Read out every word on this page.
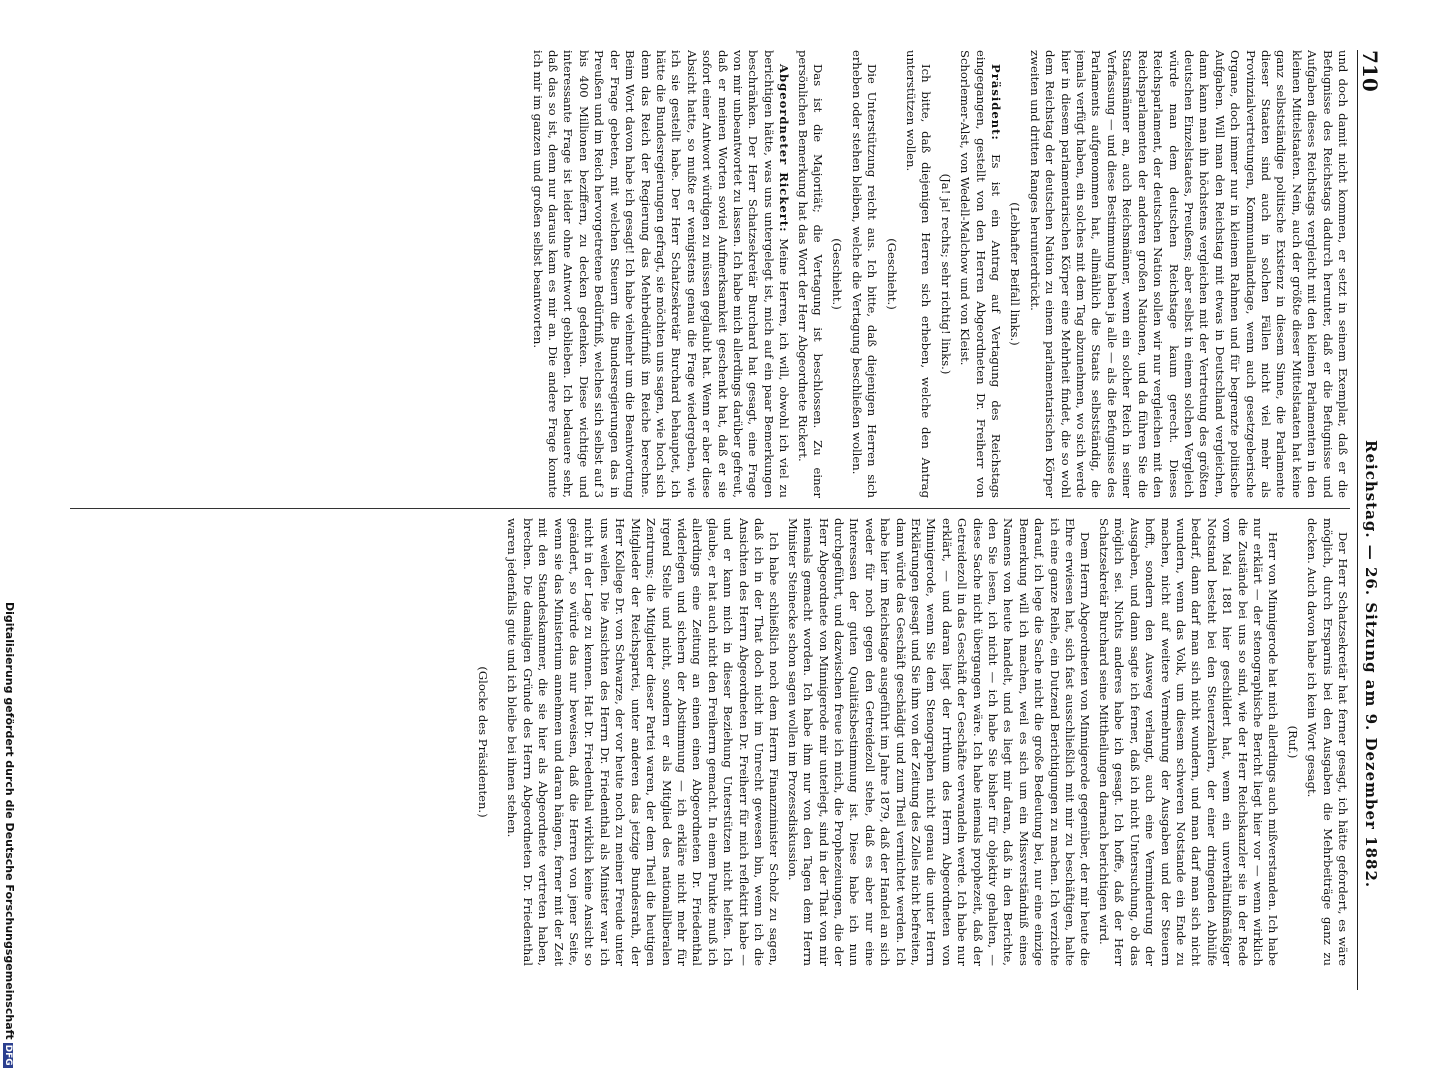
710
Reichstag. — 26. Sitzung am 9. Dezember 1882.

und doch damit nicht kommen, er setzt in seinem Exemplar, daß er die Befugnisse des Reichstags dadurch herunter, daß er die Befugnisse und Aufgaben dieses Reichstags vergleicht mit den kleinen Parlamenten in den kleinen Mittelstaaten. Nein, auch der größte dieser Mittelstaaten hat keine ganz selbstständige politische Existenz in diesem Sinne, die Parlamente dieser Staaten sind auch in solchen Fällen nicht viel mehr als Provinzialvertretungen, Kommunallandtage, wenn auch gesetzgeberische Organe, doch immer nur in kleinem Rahmen und für begrenzte politische Aufgaben. Will man den Reichstag mit etwas in Deutschland vergleichen, dann kann man ihn höchstens vergleichen mit der Vertretung des größten deutschen Einzelstaates, Preußens; aber selbst in einem solchen Vergleich würde man dem deutschen Reichstage kaum gerecht. Dieses Reichsparlament, der deutschen Nation sollen wir nur vergleichen mit den Reichsparlamenten der anderen großen Nationen, und da führen Sie die Staatsmänner an, auch Reichsmänner, wenn ein solcher Reich in seiner Verfassung — und diese Bestimmung haben ja alle — als die Befugnisse des Parlaments aufgenommen hat, allmählich die Staats selbstständig, die jemals verfügt haben, ein solches mit dem Tag abzunehmen, wo sich werde hier in diesem parlamentarischen Körper eine Mehrheit findet, die so wohl dem Reichstag der deutschen Nation zu einem parlamentarischen Körper zweiten und dritten Ranges herunterdrückt.

(Lebhafter Beifall links.)

Präsident: Es ist ein Antrag auf Vertagung des Reichstags eingegangen, gestellt von den Herren Abgeordneten Dr. Freiherr von Schorlemer-Alst, von Wedell-Malchow und von Kleist.

(Ja! ja! rechts; sehr richtig! links.)

Ich bitte, daß diejenigen Herren sich erheben, welche den Antrag unterstützen wollen.

(Geschieht.)

Die Unterstützung reicht aus. Ich bitte, daß diejenigen Herren sich erheben oder stehen bleiben, welche die Vertagung beschließen wollen.

(Geschieht.)

Das ist die Majorität; die Vertagung ist beschlossen. Zu einer persönlichen Bemerkung hat das Wort der Herr Abgeordnete Rickert.

Abgeordneter Rickert: Meine Herren, ich will, obwohl ich viel zu berichtigen hätte, was uns untergelegt ist, mich auf ein paar Bemerkungen beschränken. Der Herr Schatzsekretär Burchard hat gesagt, eine Frage von mir unbeantwortet zu lassen. Ich habe mich allerdings darüber gefreut, daß er meinen Worten soviel Aufmerksamkeit geschenkt hat, daß er sie sofort einer Antwort würdigen zu müssen geglaubt hat. Wenn er aber diese Absicht hatte, so mußte er wenigstens genau die Frage wiedergeben, wie ich sie gestellt habe. Der Herr Schatzsekretär Burchard behauptet, ich hätte die Bundesregierungen gefragt, sie möchten uns sagen, wie hoch sich denn das Reich der Regierung das Mehrbedürfniß im Reiche berechne. Beim Wort davon habe ich gesagt! Ich habe vielmehr um die Beantwortung der Frage gebeten, mit welchen Steuern die Bundesregierungen das in Preußen und im Reich hervorgetretene Bedürfniß, welches sich selbst auf 3 bis 400 Millionen beziffern, zu decken gedenken. Diese wichtige und interessante Frage ist leider ohne Antwort geblieben. Ich bedauere sehr, daß das so ist, denn nur daraus kam es mir an. Die andere Frage konnte ich mir im ganzen und großen selbst beantworten.

Der Herr Schatzsekretär hat ferner gesagt, ich hätte gefordert, es wäre möglich, durch Ersparnis bei den Ausgaben die Mehrbeiträge ganz zu decken. Auch davon habe ich kein Wort gesagt.

(Ruf.)

Herr von Minnigerode hat mich allerdings auch mißverstanden. Ich habe nur erklärt — der stenographische Bericht liegt hier vor — wenn wirklich die Zustände bei uns so sind, wie der Herr Reichskanzler sie in der Rede vom Mai 1881 hier geschildert hat, wenn ein unverhältnißmäßiger Notstand besteht bei den Steuerzahlern, der einer dringenden Abhülfe bedarf, dann darf man sich nicht wundern, und man darf man sich nicht wundern, wenn das Volk, um diesem schweren Notstande ein Ende zu machen, nicht auf weitere Vermehrung der Ausgaben und der Steuern hofft, sondern den Ausweg verlangt, auch eine Verminderung der Ausgaben, und dann sagte ich ferner, daß ich nicht Untersuchung, ob das möglich sei. Nichts anderes habe ich gesagt. Ich hoffe, daß der Herr Schatzsekretär Burchard seine Mittheilungen darnach berichtigen wird.

Dem Herrn Abgeordneten von Minnigerode gegenüber, der mir heute die Ehre erwiesen hat, sich fast ausschließlich mit mir zu beschäftigen, halte ich eine ganze Reihe, ein Dutzend Berichtigungen zu machen. Ich verzichte darauf, ich lege die Sache nicht die große Bedeutung bei, nur eine einzige Bemerkung will ich machen, weil es sich um ein Missverständniß eines Namens von heute handelt, und es liegt mir daran, daß in den Berichte, den Sie lesen, ich nicht — ich habe Sie bisher für objektiv gehalten, — diese Sache nicht übergangen wäre. Ich habe niemals prophezeit, daß der Getreidezoll in das Geschäft der Geschäfte verwandeln werde. Ich habe nur erklärt, — und daran liegt der Irrthum des Herrn Abgeordneten von Minnigerode, wenn Sie dem Stenographen nicht genau die unter Herrn Erklärungen gesagt und Sie ihm von der Zeitung des Zolles nicht befreiten, dann würde das Geschäft geschädigt und zum Theil vernichtet werden. Ich habe hier im Reichstage ausgeführt im Jahre 1879, daß der Handel an sich weder für noch gegen den Getreidezoll stehe, daß es aber nur eine Interessen der guten Qualitätsbestimmung ist. Diese habe ich nun durchgeführt, und dazwischen freue ich mich, die Prophezeiungen, die der Herr Abgeordnete von Minnigerode mir unterlegt, sind in der That von mir niemals gemacht worden. Ich habe ihm nur von den Tagen dem Herrn Minister Steinecke schon sagen wollen im Prozessdiskussion.

Ich habe schließlich noch dem Herrn Finanzminister Scholz zu sagen, daß ich in der That doch nicht im Unrecht gewesen bin, wenn ich die Ansichten des Herrn Abgeordneten Dr. Freiherr für mich reflektirt habe — und er kann mich in dieser Beziehung Unterstützen nicht helfen. Ich glaube, er hat auch nicht den Freiherrn gemacht. In einem Punkte muß ich allerdings eine Zeitung an einen einen Abgeordneten Dr. Friedenthal widerlegen und sichern der Abstimmung — ich erkläre nicht mehr für irgend Stelle und nicht, sondern er als Mitglied des nationalliberalen Zentrums; die Mitglieder dieser Partei waren, der dem Theil die heutigen Mitglieder der Reichspartei, unter anderen das jetzige Bundesrath, der Herr Kollege Dr. von Schwarze, der vor heute noch zu meiner Freude unter uns weilen. Die Ansichten des Herrn Dr. Friedenthal als Minister war ich nicht in der Lage zu kennen. Hat Dr. Friedenthal wirklich keine Ansicht so geändert, so würde das nur beweisen, daß die Herren von jener Seite, wenn sie das Ministerium annehmen und daran hängen, ferner mit der Zeit mit den Standeskammer, die sie hier als Abgeordnete vertreten haben, brechen. Die damaligen Gründe des Herrn Abgeordneten Dr. Friedenthal waren jedenfalls gute und ich bleibe bei ihnen stehen.

(Glocke des Präsidenten.)

Digitalisierung gefördert durch die Deutsche ForschungsgemeinschaftDFG
